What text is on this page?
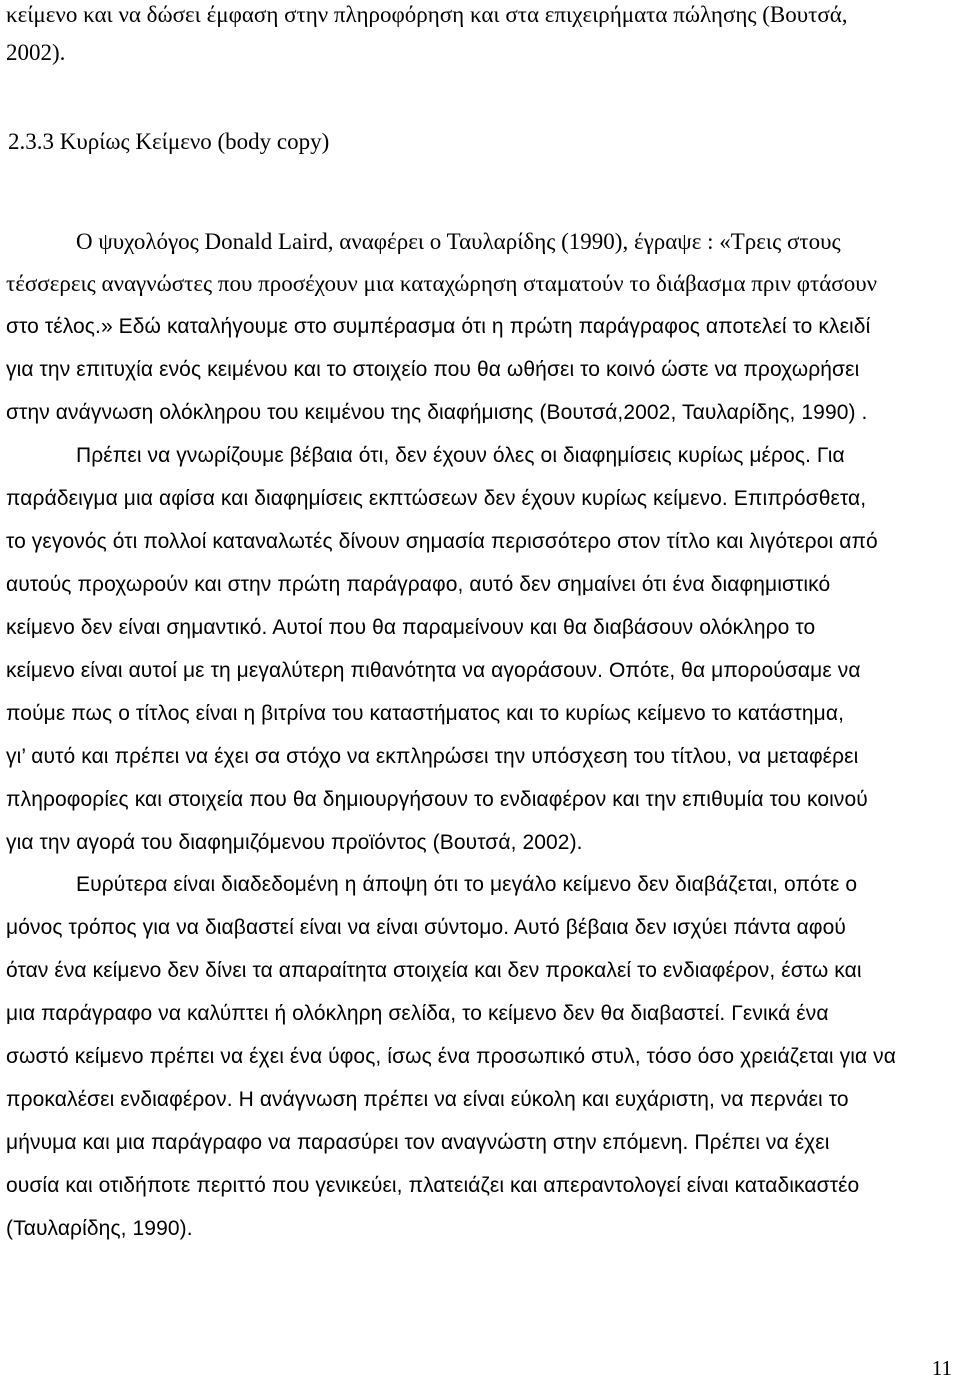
κείμενο και να δώσει έμφαση στην πληροφόρηση και στα επιχειρήματα πώλησης (Βουτσά,
2002).
2.3.3 Κυρίως Κείμενο (body copy)
Ο ψυχολόγος Donald Laird, αναφέρει ο Ταυλαρίδης (1990), έγραψε : «Τρεις στους
τέσσερεις αναγνώστες που προσέχουν μια καταχώρηση σταματούν το διάβασμα πριν φτάσουν
στο τέλος.» Εδώ καταλήγουμε στο συμπέρασμα ότι η πρώτη παράγραφος αποτελεί το κλειδί
για την επιτυχία ενός κειμένου και το στοιχείο που θα ωθήσει το κοινό ώστε να προχωρήσει
στην ανάγνωση ολόκληρου του κειμένου της διαφήμισης (Βουτσά,2002, Ταυλαρίδης, 1990) .
Πρέπει να γνωρίζουμε βέβαια ότι, δεν έχουν όλες οι διαφημίσεις κυρίως μέρος. Για
παράδειγμα μια αφίσα και διαφημίσεις εκπτώσεων δεν έχουν κυρίως κείμενο. Επιπρόσθετα,
το γεγονός ότι πολλοί καταναλωτές δίνουν σημασία περισσότερο στον τίτλο και λιγότεροι από
αυτούς προχωρούν και στην πρώτη παράγραφο, αυτό δεν σημαίνει ότι ένα διαφημιστικό
κείμενο δεν είναι σημαντικό. Αυτοί που θα παραμείνουν και θα διαβάσουν ολόκληρο το
κείμενο είναι αυτοί με τη μεγαλύτερη πιθανότητα να αγοράσουν. Οπότε, θα μπορούσαμε να
πούμε πως ο τίτλος είναι η βιτρίνα του καταστήματος και το κυρίως κείμενο το κατάστημα,
γι’ αυτό και πρέπει να έχει σα στόχο να εκπληρώσει την υπόσχεση του τίτλου, να μεταφέρει
πληροφορίες και στοιχεία που θα δημιουργήσουν το ενδιαφέρον και την επιθυμία του κοινού
για την αγορά του διαφημιζόμενου προϊόντος (Βουτσά, 2002).
Ευρύτερα είναι διαδεδομένη η άποψη ότι το μεγάλο κείμενο δεν διαβάζεται, οπότε ο
μόνος τρόπος για να διαβαστεί είναι να είναι σύντομο. Αυτό βέβαια δεν ισχύει πάντα αφού
όταν ένα κείμενο δεν δίνει τα απαραίτητα στοιχεία και δεν προκαλεί το ενδιαφέρον, έστω και
μια παράγραφο να καλύπτει ή ολόκληρη σελίδα, το κείμενο δεν θα διαβαστεί. Γενικά ένα
σωστό κείμενο πρέπει να έχει ένα ύφος, ίσως ένα προσωπικό στυλ, τόσο όσο χρειάζεται για να
προκαλέσει ενδιαφέρον. Η ανάγνωση πρέπει να είναι εύκολη και ευχάριστη, να περνάει το
μήνυμα και μια παράγραφο να παρασύρει τον αναγνώστη στην επόμενη. Πρέπει να έχει
ουσία και οτιδήποτε περιττό που γενικεύει, πλατειάζει και απεραντολογεί είναι καταδικαστέο
(Ταυλαρίδης, 1990).
11
